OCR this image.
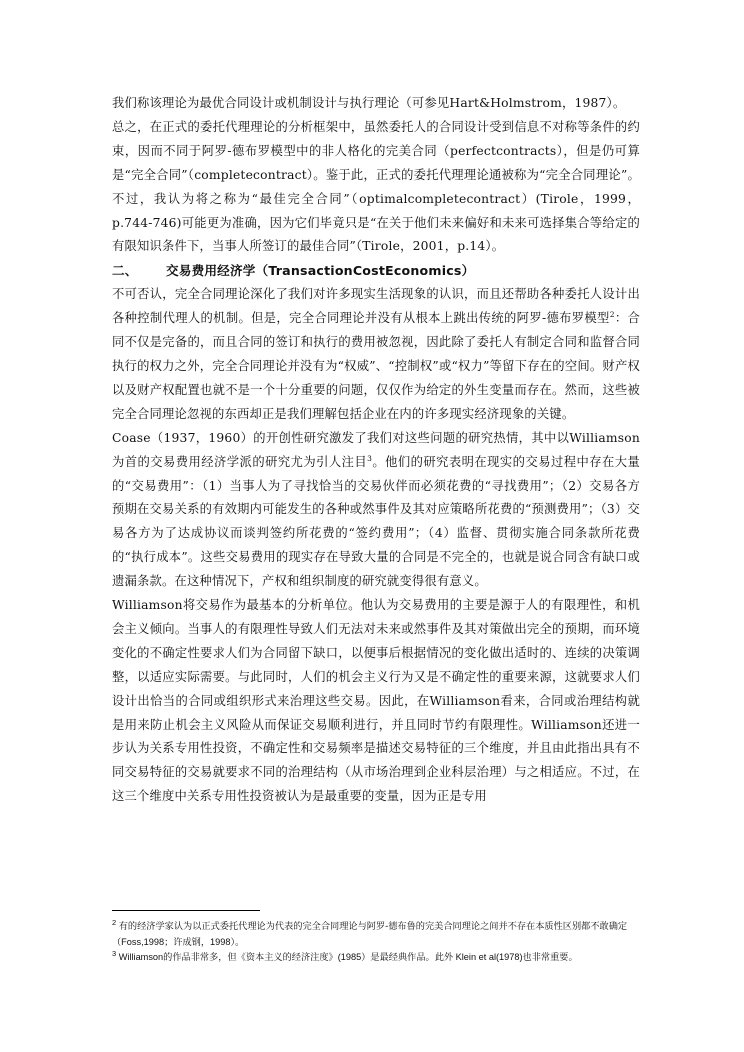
我们称该理论为最优合同设计或机制设计与执行理论（可参见Hart&Holmstrom，1987）。

总之，在正式的委托代理理论的分析框架中，虽然委托人的合同设计受到信息不对称等条件的约束，因而不同于阿罗-德布罗模型中的非人格化的完美合同（perfectcontracts），但是仍可算是“完全合同”（completecontract）。鉴于此，正式的委托代理理论通被称为“完全合同理论”。不过，我认为将之称为“最佳完全合同”（optimalcompletecontract）(Tirole，1999，p.744-746)可能更为准确，因为它们毕竟只是“在关于他们未来偏好和未来可选择集合等给定的有限知识条件下，当事人所签订的最佳合同”（Tirole，2001，p.14）。

二、 交易费用经济学（TransactionCostEconomics）

不可否认，完全合同理论深化了我们对许多现实生活现象的认识，而且还帮助各种委托人设计出各种控制代理人的机制。但是，完全合同理论并没有从根本上跳出传统的阿罗-德布罗模型$^2$：合同不仅是完备的，而且合同的签订和执行的费用被忽视，因此除了委托人有制定合同和监督合同执行的权力之外，完全合同理论并没有为“权威”、“控制权”或“权力”等留下存在的空间。财产权以及财产权配置也就不是一个十分重要的问题，仅仅作为给定的外生变量而存在。然而，这些被完全合同理论忽视的东西却正是我们理解包括企业在内的许多现实经济现象的关键。

Coase（1937，1960）的开创性研究激发了我们对这些问题的研究热情，其中以Williamson为首的交易费用经济学派的研究尤为引人注目$^3$。他们的研究表明在现实的交易过程中存在大量的“交易费用”：（1）当事人为了寻找恰当的交易伙伴而必须花费的“寻找费用”；（2）交易各方预期在交易关系的有效期内可能发生的各种或然事件及其对应策略所花费的“预测费用”；（3）交易各方为了达成协议而谈判签约所花费的“签约费用”；（4）监督、贯彻实施合同条款所花费的“执行成本”。这些交易费用的现实存在导致大量的合同是不完全的，也就是说合同含有缺口或遗漏条款。在这种情况下，产权和组织制度的研究就变得很有意义。

Williamson将交易作为最基本的分析单位。他认为交易费用的主要是源于人的有限理性，和机会主义倾向。当事人的有限理性导致人们无法对未来或然事件及其对策做出完全的预期，而环境变化的不确定性要求人们为合同留下缺口，以便事后根据情况的变化做出适时的、连续的决策调整，以适应实际需要。与此同时，人们的机会主义行为又是不确定性的重要来源，这就要求人们设计出恰当的合同或组织形式来治理这些交易。因此，在Williamson看来，合同或治理结构就是用来防止机会主义风险从而保证交易顺利进行，并且同时节约有限理性。Williamson还进一步认为关系专用性投资，不确定性和交易频率是描述交易特征的三个维度，并且由此指出具有不同交易特征的交易就要求不同的治理结构（从市场治理到企业科层治理）与之相适应。不过，在这三个维度中关系专用性投资被认为是最重要的变量，因为正是专用

$^2$ 有的经济学家认为以正式委托代理论为代表的完全合同理论与阿罗-德布鲁的完美合同理论之间并不存在本质性区别都不敢确定（Foss,1998；许成钢，1998）。

$^3$ Williamson的作品非常多，但《资本主义的经济注度》(1985）是最经典作品。此外 Klein et al(1978)也非常重要。
